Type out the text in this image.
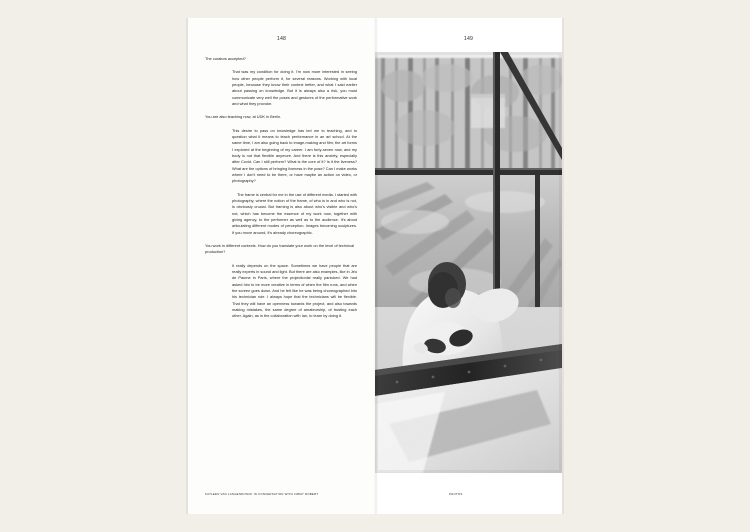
148

The curators accepted?

That was my condition for doing it. I'm now more interested in seeing how other people perform it, for several reasons. Working with local people, because they know their context better, and what I said earlier about passing on knowledge. But it is always also a risk, you must communicate very well the poses and gestures of the performative work and what they provoke.

You are also teaching now, at UDK in Berlin.

This desire to pass on knowledge has led me to teaching, and to question what it means to teach performance in an art school. At the same time, I am also going back to image-making and film, the art forms I explored at the beginning of my career. I am forty-seven now, and my body is not that flexible anymore. And there is this anxiety, especially after Covid. Can I still perform? What is the core of it? Is it the liveness? What are the options of bringing liveness in the pose? Can I make works where I don't need to be there, or have maybe an action on video, or photography?

The frame is central for me in the use of different media. I started with photography, where the notion of the frame, of who is in and who is not, is obviously crucial. But framing is also about who's visible and who's not, which has become the essence of my work now, together with giving agency, to the performer as well as to the audience. It's about articulating different modes of perception. Images becoming sculptures. If you move around, it's already choreographic.

You work in different contexts. How do you translate your work on the level of technical production?

It really depends on the space. Sometimes we have people that are really experts in sound and light. But there are also examples, like in Jeu de Paume in Paris, where the projectionist really panicked. We had asked him to be more creative in terms of when the film runs, and when the screen goes down. And he felt like he was being choreographed into his technician role. I always hope that the technicians will be flexible. That they will have an openness towards the project, and also towards making mistakes, the same degree of amateurship, of trusting each other. Again, as in the collaboration with Ian, to learn by doing it.

KATLEEN VAN LANGENDONCK IN CONVERSATION WITH JIMMY ROBERT
149
PHOTOS
